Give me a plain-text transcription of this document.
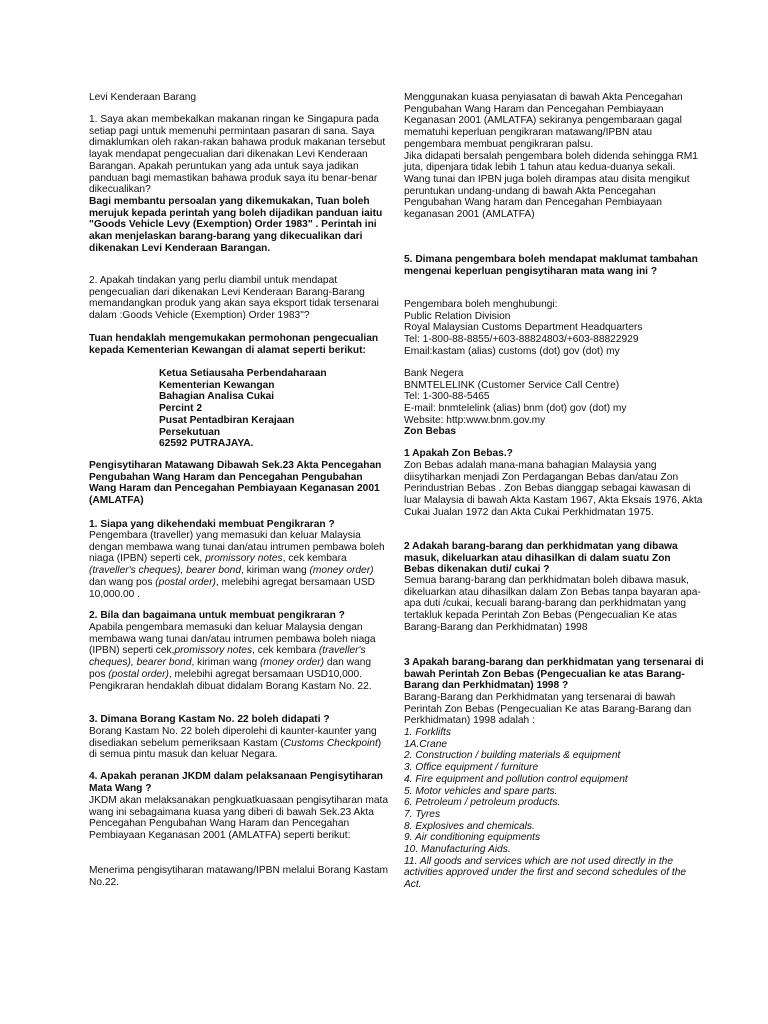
Levi Kenderaan Barang
1. Saya akan membekalkan makanan ringan ke Singapura pada setiap pagi untuk memenuhi permintaan pasaran di sana. Saya dimaklumkan oleh rakan-rakan bahawa produk makanan tersebut layak mendapat pengecualian dari dikenakan Levi Kenderaan Barangan. Apakah peruntukan yang ada untuk saya jadikan panduan bagi memastikan bahawa produk saya itu benar-benar dikecualikan?
Bagi membantu persoalan yang dikemukakan, Tuan boleh merujuk kepada perintah yang boleh dijadikan panduan iaitu "Goods Vehicle Levy (Exemption) Order 1983" . Perintah ini akan menjelaskan barang-barang yang dikecualikan dari dikenakan Levi Kenderaan Barangan.
2. Apakah tindakan yang perlu diambil untuk mendapat pengecualian dari dikenakan Levi Kenderaan Barang-Barang memandangkan produk yang akan saya eksport tidak tersenarai dalam :Goods Vehicle (Exemption) Order 1983"?
Tuan hendaklah mengemukakan permohonan pengecualian kepada Kementerian Kewangan di alamat seperti berikut:
Ketua Setiausaha Perbendaharaan
Kementerian Kewangan
Bahagian Analisa Cukai
Percint 2
Pusat Pentadbiran Kerajaan
Persekutuan
62592 PUTRAJAYA.
Pengisytiharan Matawang Dibawah Sek.23 Akta Pencegahan Pengubahan Wang Haram dan Pencegahan Pengubahan Wang Haram dan Pencegahan Pembiayaan Keganasan 2001 (AMLATFA)
1. Siapa yang dikehendaki membuat Pengikraran ?
Pengembara (traveller) yang memasuki dan keluar Malaysia dengan membawa wang tunai dan/atau intrumen pembawa boleh niaga (IPBN) seperti cek, promissory notes, cek kembara (traveller's cheques), bearer bond, kiriman wang (money order) dan wang pos (postal order), melebihi agregat bersamaan USD 10,000.00 .
2. Bila dan bagaimana untuk membuat pengikraran ?
Apabila pengembara memasuki dan keluar Malaysia dengan membawa wang tunai dan/atau intrumen pembawa boleh niaga (IPBN) seperti cek,promissory notes, cek kembara (traveller's cheques), bearer bond, kiriman wang (money order) dan wang pos (postal order), melebihi agregat bersamaan USD10,000. Pengikraran hendaklah dibuat didalam Borang Kastam No. 22.
3. Dimana Borang Kastam No. 22 boleh didapati ?
Borang Kastam No. 22 boleh diperolehi di kaunter-kaunter yang disediakan sebelum pemeriksaan Kastam (Customs Checkpoint) di semua pintu masuk dan keluar Negara.
4. Apakah peranan JKDM dalam pelaksanaan Pengisytiharan Mata Wang ?
JKDM akan melaksanakan pengkuatkuasaan pengisytiharan mata wang ini sebagaimana kuasa yang diberi di bawah Sek.23 Akta Pencegahan Pengubahan Wang Haram dan Pencegahan Pembiayaan Keganasan 2001 (AMLATFA) seperti berikut:
Menerima pengisytiharan matawang/IPBN melalui Borang Kastam No.22.
Menggunakan kuasa penyiasatan di bawah Akta Pencegahan Pengubahan Wang Haram dan Pencegahan Pembiayaan Keganasan 2001 (AMLATFA) sekiranya pengembaraan gagal mematuhi keperluan pengikraran matawang/IPBN atau pengembara membuat pengikraran palsu.
Jika didapati bersalah pengembara boleh didenda sehingga RM1 juta, dipenjara tidak lebih 1 tahun atau kedua-duanya sekali.
Wang tunai dan IPBN juga boleh dirampas atau disita mengikut peruntukan undang-undang di bawah Akta Pencegahan Pengubahan Wang haram dan Pencegahan Pembiayaan keganasan 2001 (AMLATFA)
5. Dimana pengembara boleh mendapat maklumat tambahan mengenai keperluan pengisytiharan mata wang ini ?
Pengembara boleh menghubungi:
Public Relation Division
Royal Malaysian Customs Department Headquarters
Tel: 1-800-88-8855/+603-88824803/+603-88822929
Email:kastam (alias) customs (dot) gov (dot) my
Bank Negera
BNMTELELINK (Customer Service Call Centre)
Tel: 1-300-88-5465
E-mail: bnmtelelink (alias) bnm (dot) gov (dot) my
Website: http:www.bnm.gov.my
Zon Bebas
1 Apakah Zon Bebas.?
Zon Bebas adalah mana-mana bahagian Malaysia yang diisytiharkan menjadi Zon Perdagangan Bebas dan/atau Zon Perindustrian Bebas . Zon Bebas dianggap sebagai kawasan di luar Malaysia di bawah Akta Kastam 1967, Akta Eksais 1976, Akta Cukai Jualan 1972 dan Akta Cukai Perkhidmatan 1975.
2 Adakah barang-barang dan perkhidmatan yang dibawa masuk, dikeluarkan atau dihasilkan di dalam suatu Zon Bebas dikenakan duti/ cukai ?
Semua barang-barang dan perkhidmatan boleh dibawa masuk, dikeluarkan atau dihasilkan dalam Zon Bebas tanpa bayaran apa-apa duti /cukai, kecuali barang-barang dan perkhidmatan yang tertakluk kepada Perintah Zon Bebas (Pengecualian Ke atas Barang-Barang dan Perkhidmatan) 1998
3 Apakah barang-barang dan perkhidmatan yang tersenarai di bawah Perintah Zon Bebas (Pengecualian ke atas Barang-Barang dan Perkhidmatan) 1998 ?
Barang-Barang dan Perkhidmatan yang tersenarai di bawah Perintah Zon Bebas (Pengecualian Ke atas Barang-Barang dan Perkhidmatan) 1998 adalah :
1. Forklifts
1A.Crane
2. Construction / building materials & equipment
3. Office equipment / furniture
4. Fire equipment and pollution control equipment
5. Motor vehicles and spare parts.
6. Petroleum / petroleum products.
7. Tyres
8. Explosives and chemicals.
9. Air conditioning equipments
10. Manufacturing Aids.
11. All goods and services which are not used directly in the activities approved under the first and second schedules of the Act.
